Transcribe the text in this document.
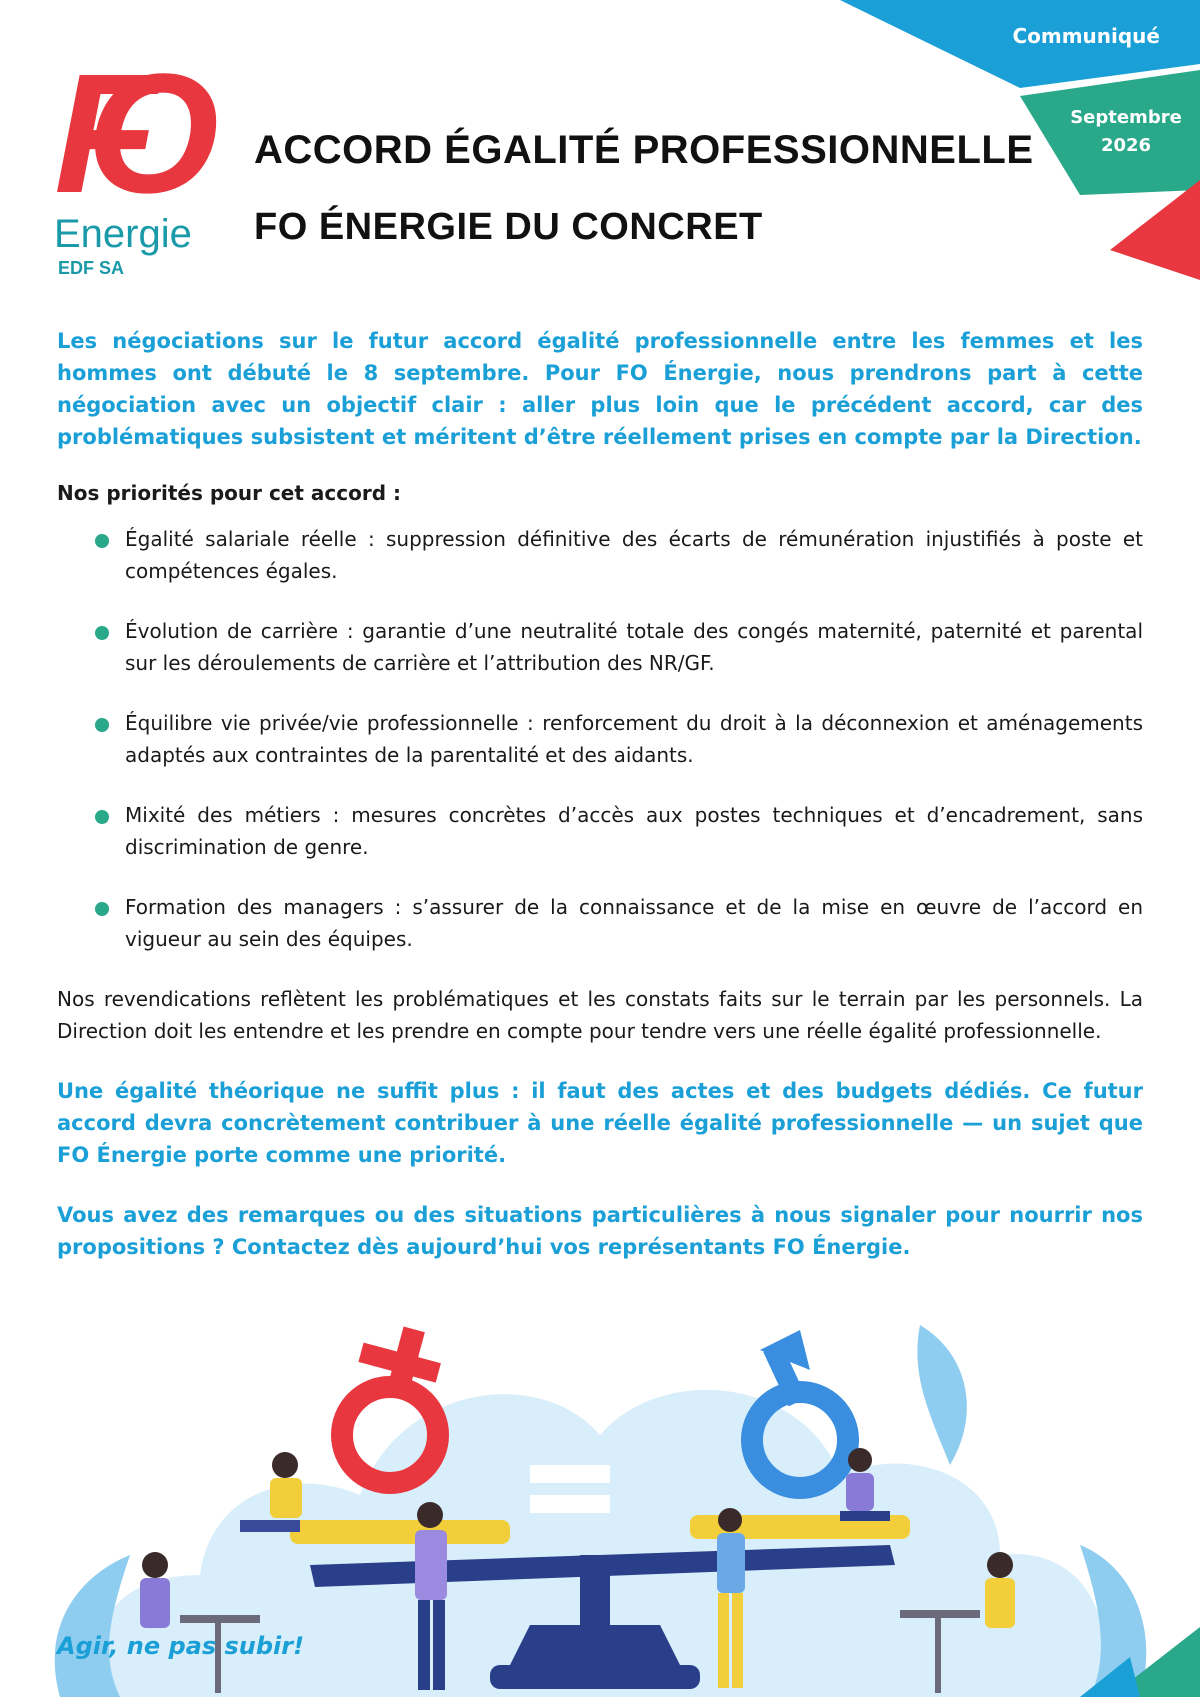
Communiqué
Septembre
2026
FO
Energie
EDF SA
ACCORD ÉGALITÉ PROFESSIONNELLE
FO ÉNERGIE DU CONCRET

Les négociations sur le futur accord égalité professionnelle entre les femmes et les hommes ont débuté le 8 septembre. Pour FO Énergie, nous prendrons part à cette négociation avec un objectif clair : aller plus loin que le précédent accord, car des problématiques subsistent et méritent d’être réellement prises en compte par la Direction.

Nos priorités pour cet accord :

Égalité salariale réelle : suppression définitive des écarts de rémunération injustifiés à poste et compétences égales.
Évolution de carrière : garantie d’une neutralité totale des congés maternité, paternité et parental sur les déroulements de carrière et l’attribution des NR/GF.
Équilibre vie privée/vie professionnelle : renforcement du droit à la déconnexion et aménagements adaptés aux contraintes de la parentalité et des aidants.
Mixité des métiers : mesures concrètes d’accès aux postes techniques et d’encadrement, sans discrimination de genre.
Formation des managers : s’assurer de la connaissance et de la mise en œuvre de l’accord en vigueur au sein des équipes.

Nos revendications reflètent les problématiques et les constats faits sur le terrain par les personnels. La Direction doit les entendre et les prendre en compte pour tendre vers une réelle égalité professionnelle.

Une égalité théorique ne suffit plus : il faut des actes et des budgets dédiés. Ce futur accord devra concrètement contribuer à une réelle égalité professionnelle — un sujet que FO Énergie porte comme une priorité.

Vous avez des remarques ou des situations particulières à nous signaler pour nourrir nos propositions ? Contactez dès aujourd’hui vos représentants FO Énergie.

Agir, ne pas subir!
